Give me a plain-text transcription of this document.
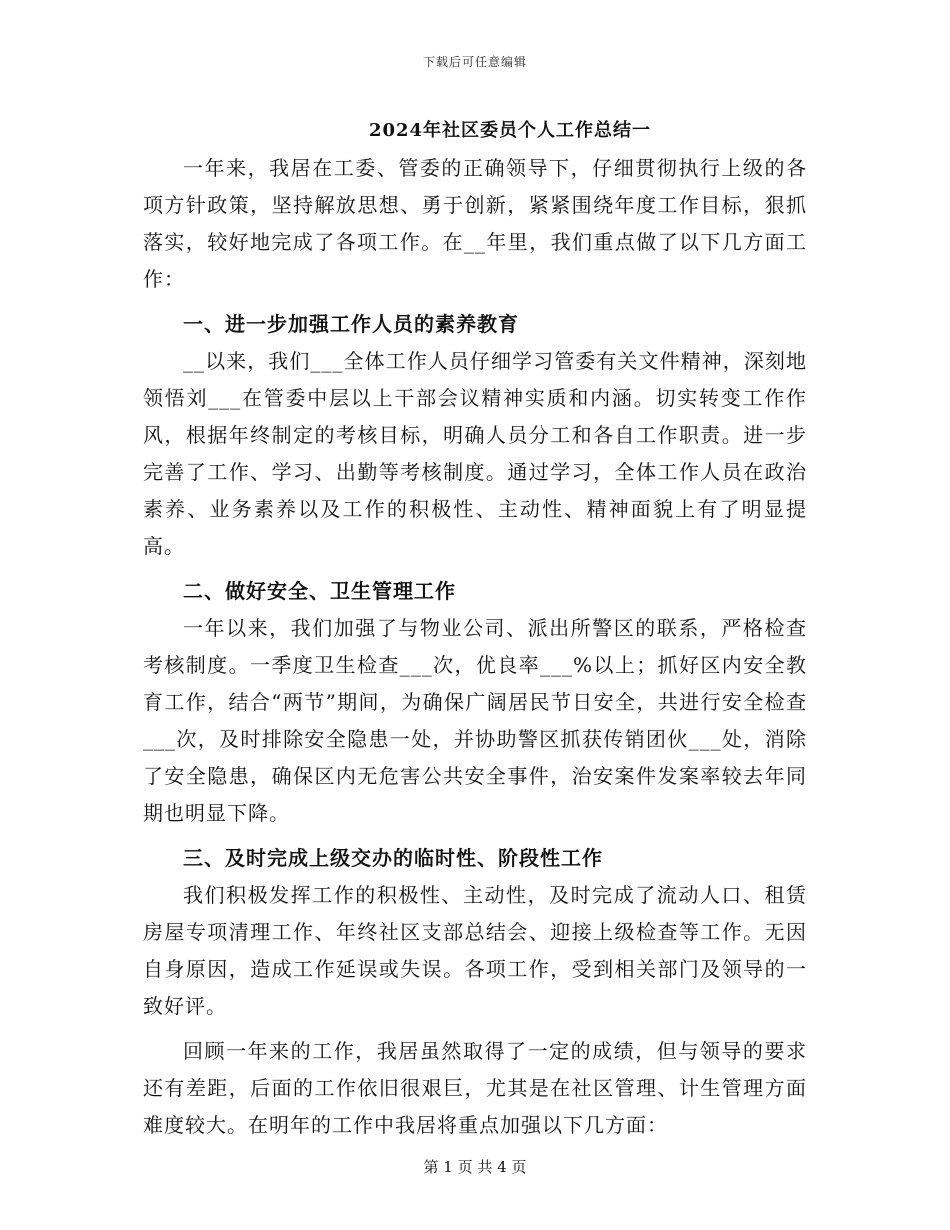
下载后可任意编辑
2024年社区委员个人工作总结一

一年来，我居在工委、管委的正确领导下，仔细贯彻执行上级的各项方针政策，坚持解放思想、勇于创新，紧紧围绕年度工作目标，狠抓落实，较好地完成了各项工作。在__年里，我们重点做了以下几方面工作：

一、进一步加强工作人员的素养教育

__以来，我们___全体工作人员仔细学习管委有关文件精神，深刻地领悟刘___在管委中层以上干部会议精神实质和内涵。切实转变工作作风，根据年终制定的考核目标，明确人员分工和各自工作职责。进一步完善了工作、学习、出勤等考核制度。通过学习，全体工作人员在政治素养、业务素养以及工作的积极性、主动性、精神面貌上有了明显提高。

二、做好安全、卫生管理工作

一年以来，我们加强了与物业公司、派出所警区的联系，严格检查考核制度。一季度卫生检查___次，优良率___%以上；抓好区内安全教育工作，结合“两节”期间，为确保广阔居民节日安全，共进行安全检查___次，及时排除安全隐患一处，并协助警区抓获传销团伙___处，消除了安全隐患，确保区内无危害公共安全事件，治安案件发案率较去年同期也明显下降。

三、及时完成上级交办的临时性、阶段性工作

我们积极发挥工作的积极性、主动性，及时完成了流动人口、租赁房屋专项清理工作、年终社区支部总结会、迎接上级检查等工作。无因自身原因，造成工作延误或失误。各项工作，受到相关部门及领导的一致好评。

回顾一年来的工作，我居虽然取得了一定的成绩，但与领导的要求还有差距，后面的工作依旧很艰巨，尤其是在社区管理、计生管理方面难度较大。在明年的工作中我居将重点加强以下几方面：

第 1 页 共 4 页
